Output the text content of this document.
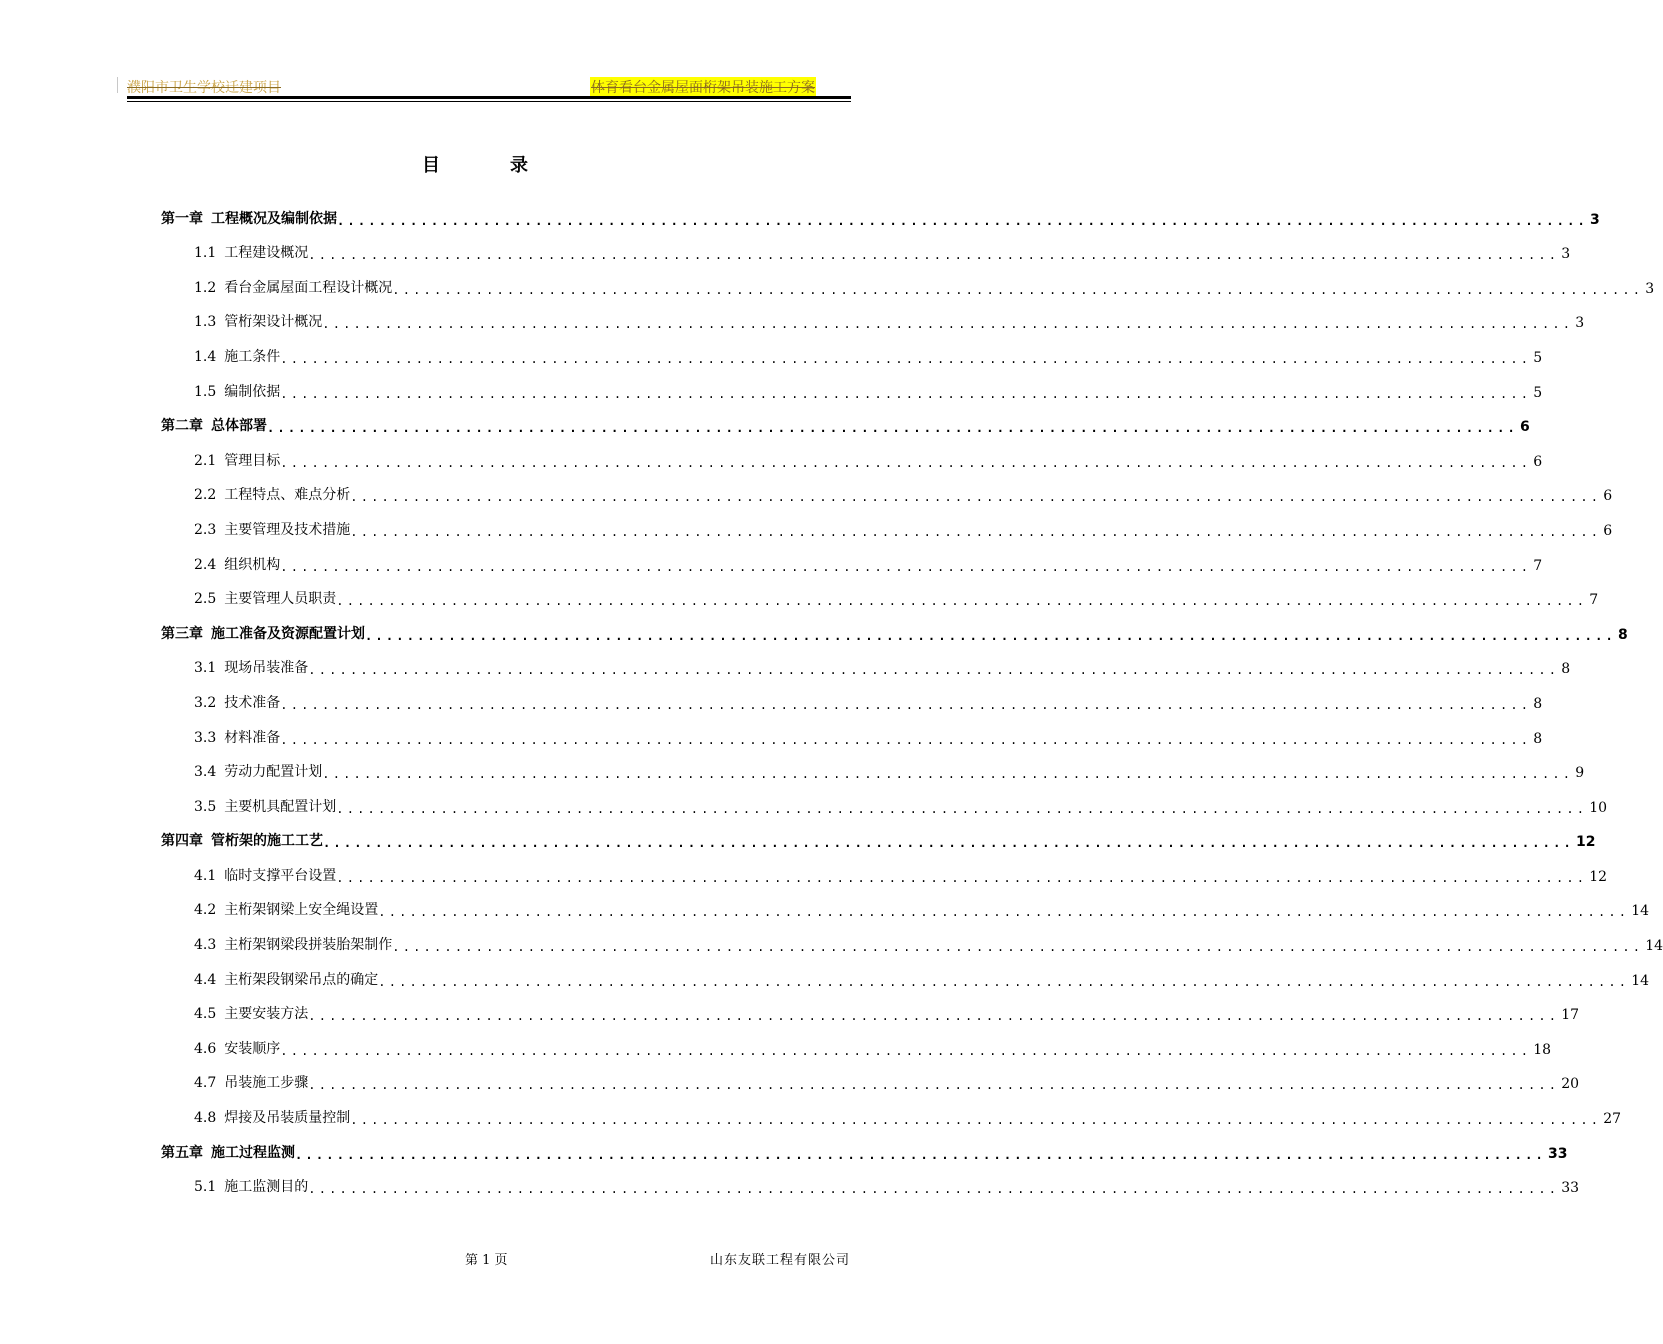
濮阳市卫生学校迁建项目	体育看台金属屋面桁架吊装施工方案
目录
第一章 工程概况及编制依据 ........................................................................................................................ 3
1.1 工程建设概况 ........................................................................................................................ 3
1.2 看台金属屋面工程设计概况 ........................................................................................................................ 3
1.3 管桁架设计概况 ........................................................................................................................ 3
1.4 施工条件 ........................................................................................................................ 5
1.5 编制依据 ........................................................................................................................ 5
第二章 总体部署 ........................................................................................................................ 6
2.1 管理目标 ........................................................................................................................ 6
2.2 工程特点、难点分析 ........................................................................................................................ 6
2.3 主要管理及技术措施 ........................................................................................................................ 6
2.4 组织机构 ........................................................................................................................ 7
2.5 主要管理人员职责 ........................................................................................................................ 7
第三章 施工准备及资源配置计划 ........................................................................................................................ 8
3.1 现场吊装准备 ........................................................................................................................ 8
3.2 技术准备 ........................................................................................................................ 8
3.3 材料准备 ........................................................................................................................ 8
3.4 劳动力配置计划 ........................................................................................................................ 9
3.5 主要机具配置计划 ........................................................................................................................ 10
第四章 管桁架的施工工艺 ........................................................................................................................ 12
4.1 临时支撑平台设置 ........................................................................................................................ 12
4.2 主桁架钢梁上安全绳设置 ........................................................................................................................ 14
4.3 主桁架钢梁段拼装胎架制作 ........................................................................................................................ 14
4.4 主桁架段钢梁吊点的确定 ........................................................................................................................ 14
4.5 主要安装方法 ........................................................................................................................ 17
4.6 安装顺序 ........................................................................................................................ 18
4.7 吊装施工步骤 ........................................................................................................................ 20
4.8 焊接及吊装质量控制 ........................................................................................................................ 27
第五章 施工过程监测 ........................................................................................................................ 33
5.1 施工监测目的 ........................................................................................................................ 33
第 1 页	山东友联工程有限公司
